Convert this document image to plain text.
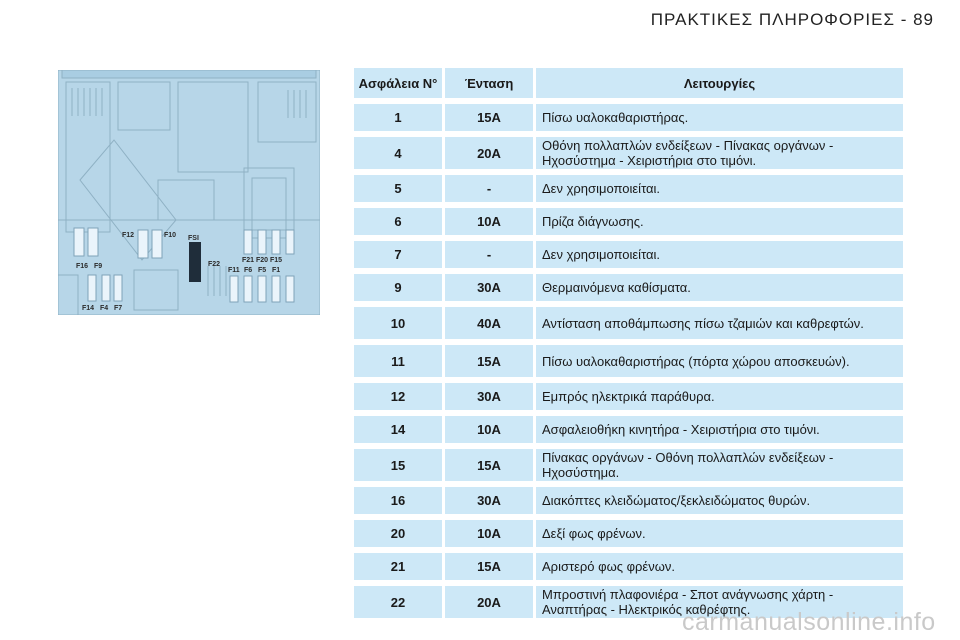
ΠΡΑΚΤΙΚΕΣ ΠΛΗΡΟΦΟΡΙΕΣ - 89
F12	F10 FSI
F22
F21 F20 F15
F16 F9
F11 F6 F5 F1
F14 F4 F7
Ασφάλεια Ν°	Ένταση	Λειτουργίες
1	15A	Πίσω υαλοκαθαριστήρας.
4	20A	Οθόνη πολλαπλών ενδείξεων - Πίνακας οργάνων - Ηχοσύστημα - Χειριστήρια στο τιμόνι.
5	-	Δεν χρησιμοποιείται.
6	10A	Πρίζα διάγνωσης.
7	-	Δεν χρησιμοποιείται.
9	30A	Θερμαινόμενα καθίσματα.
10	40A	Αντίσταση αποθάμπωσης πίσω τζαμιών και καθρεφτών.
11	15A	Πίσω υαλοκαθαριστήρας (πόρτα χώρου αποσκευών).
12	30A	Εμπρός ηλεκτρικά παράθυρα.
14	10A	Ασφαλειοθήκη κινητήρα - Χειριστήρια στο τιμόνι.
15	15A	Πίνακας οργάνων - Οθόνη πολλαπλών ενδείξεων - Ηχοσύστημα.
16	30A	Διακόπτες κλειδώματος/ξεκλειδώματος θυρών.
20	10A	Δεξί φως φρένων.
21	15A	Αριστερό φως φρένων.
22	20A	Μπροστινή πλαφονιέρα - Σποτ ανάγνωσης χάρτη - Αναπτήρας - Ηλεκτρικός καθρέφτης.
carmanualsonline.info
